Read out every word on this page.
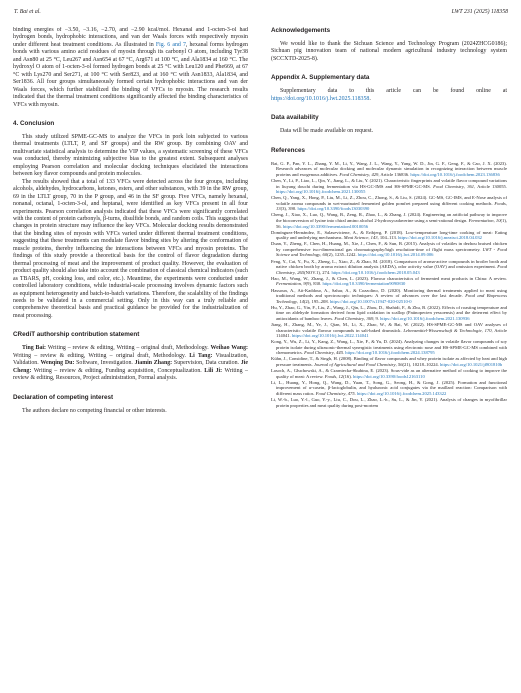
T. Bai et al.	LWT 231 (2025) 118358

binding energies of −3.50, −3.16, −2.70, and −2.90 kcal/mol. Hexanal and 1-octen-3-ol had hydrogen bonds, hydrophobic interactions, and van der Waals forces with respectively myosin under different heat treatment conditions. As illustrated in Fig. 6 and 7, hexanal forms hydrogen bonds with various amino acid residues of myosin through its carbonyl O atom, including Tyr38 and Asn80 at 25 °C, Leu267 and Asn654 at 67 °C, Arg671 at 100 °C, and Ala1834 at 160 °C. The hydroxyl O atom of 1-octen-3-ol formed hydrogen bonds at 25 °C with Leu120 and Phe669, at 67 °C with Lys270 and Ser271, at 100 °C with Ser823, and at 160 °C with Asn1833, Ala1834, and Ser1836. All four groups simultaneously formed certain hydrophobic interactions and van der Waals forces, which further stabilized the binding of VFCs to myosin. The research results indicated that the thermal treatment conditions significantly affected the binding characteristics of VFCs with myosin.

4. Conclusion

This study utilized SPME-GC-MS to analyze the VFCs in pork loin subjected to various thermal treatments (LTLT, P, and SF groups) and the RW group. By combining OAV and multivariate statistical analysis to determine the VIP values, a systematic screening of these VFCs was conducted, thereby minimizing subjective bias to the greatest extent. Subsequent analyses employing Pearson correlation and molecular docking techniques elucidated the interactions between key flavor compounds and protein molecules.

The results showed that a total of 133 VFCs were detected across the four groups, including alcohols, aldehydes, hydrocarbons, ketones, esters, and other substances, with 39 in the RW group, 69 in the LTLT group, 70 in the P group, and 46 in the SF group. Five VFCs, namely hexanal, nonanal, octanal, 1-octen-3-ol, and heptanal, were identified as key VFCs present in all four experiments. Pearson correlation analysis indicated that these VFCs were significantly correlated with the content of protein carbonyls, β-turns, disulfide bonds, and random coils. This suggests that changes in protein structure may influence the key VFCs. Molecular docking results demonstrated that the binding sites of myosin with VFCs varied under different thermal treatment conditions, suggesting that these treatments can modulate flavor binding sites by altering the conformation of muscle proteins, thereby influencing the interactions between VFCs and myosin proteins. The findings of this study provide a theoretical basis for the control of flavor degradation during thermal processing of meat and the improvement of product quality. However, the evaluation of product quality should also take into account the combination of classical chemical indicators (such as TBARS, pH, cooking loss, and color, etc.). Meantime, the experiments were conducted under controlled laboratory conditions, while industrial-scale processing involves dynamic factors such as equipment heterogeneity and batch-to-batch variations. Therefore, the scalability of the findings needs to be validated in a commercial setting. Only in this way can a truly reliable and comprehensive theoretical basis and practical guidance be provided for the industrialization of meat processing.

CRediT authorship contribution statement

Ting Bai: Writing – review & editing, Writing – original draft, Methodology. Weihao Wang: Writing – review & editing, Writing – original draft, Methodology. Li Tang: Visualization, Validation. Wenqing Du: Software, Investigation. Jiamin Zhang: Supervision, Data curation. Jie Cheng: Writing – review & editing, Funding acquisition, Conceptualization. Lili Ji: Writing – review & editing, Resources, Project administration, Formal analysis.

Declaration of competing interest

The authors declare no competing financial or other interests.

Acknowledgements

We would like to thank the Sichuan Science and Technology Program (2024ZHCG0186); Sichuan pig innovation team of national modern agricultural industry technology system (SCCXTD-2025-8).

Appendix A. Supplementary data

Supplementary data to this article can be found online at https://doi.org/10.1016/j.lwt.2025.118358.

Data availability

Data will be made available on request.

References
Bai, G. P., Pan, Y. L., Zhang, Y. M., Li, Y., Wang, J. L., Wang, Y., Yang, W. D., Jin, G. F., Geng, F., & Cao, J. X. (2023). Research advances of molecular docking and molecular dynamic simulation in recognizing interaction between muscle proteins and exogenous additives. Food Chemistry, 429, Article 136836. https://doi.org/10.1016/j.foodchem.2023.136836
Chen, Y., Li, P., Liao, L., Qin, Y., Jiang, L., & Liu, Y. (2021). Characteristic fingerprints and volatile flavor compound variations in liuyang douchi during fermentation via HS-GC-IMS and HS-SPME-GC-MS. Food Chemistry, 361, Article 130055. https://doi.org/10.1016/j.foodchem.2021.130055
Chen, Q., Yang, X., Hong, P., Liu, M., Li, Z., Zhou, C., Zhong, S., & Liu, S. (2024). GC-MS, GC-IMS, and E-Nose analysis of volatile aroma compounds in wet-marinated fermented golden pomfret prepared using different cooking methods. Foods, 13(3), 390. https://doi.org/10.3390/foods13030390
Cheng, J., Xiao, X., Luo, Q., Wang, B., Zeng, R., Zhao, L., & Zhang, J. (2024). Engineering an artificial pathway to improve the bioconversion of lysine into chiral amino alcohol 2-hydroxycadaverine using a semi-rational design. Fermentation, 10(1), 56. https://doi.org/10.3390/fermentation10010056
Domínguez-Hernández, E., Salaseviciene, A., & Ertbjerg, P. (2018). Low-temperature long-time cooking of meat: Eating quality and underlying mechanisms. Meat Science, 143, 104–113. https://doi.org/10.1016/j.meatsci.2018.04.032
Duan, Y., Zheng, F., Chen, H., Huang, M., Xie, J., Chen, F., & Sun, B. (2015). Analysis of volatiles in dezhou braised chicken by comprehensive two-dimensional gas chromatography/high resolution-time of flight mass spectrometry. LWT - Food Science and Technology, 60(2), 1235–1242. https://doi.org/10.1016/j.lwt.2014.09.006
Feng, Y., Cai, Y., Fu, X., Zheng, L., Xiao, Z., & Zhao, M. (2018). Comparison of aroma-active compounds in broiler broth and native chicken broth by aroma extract dilution analysis (AEDA), odor activity value (OAV) and omission experiment. Food Chemistry, 265(NOV.1), 274. https://doi.org/10.1016/j.foodchem.2018.05.043
Hao, M., Wang, W., Zhang, J., & Chen, L. (2023). Flavour characteristics of fermented meat products in China: A review. Fermentation, 9(9), 830. https://doi.org/10.3390/fermentation9090830
Hassoun, A., Ait-Kaddour, A., Sahar, A., & Cozzolino, D. (2020). Monitoring thermal treatments applied to meat using traditional methods and spectroscopic techniques: A review of advances over the last decade. Food and Bioprocess Technology, 14(2), 195–208. https://doi.org/10.1007/s11947-020-02510-0
Hu, Y., Zhao, G., Yin, F., Liu, Z., Wang, J., Qin, L., Zhou, D., Shahidi, F., & Zhu, B. (2022). Effects of roasting temperature and time on aldehyde formation derived from lipid oxidation in scallop (Patinopecten yessoensis) and the deterrent effect by antioxidants of bamboo leaves. Food Chemistry, 369, 9. https://doi.org/10.1016/j.foodchem.2021.130936
Jiang, H., Zhang, M., Ye, J., Qian, M., Li, X., Zhao, W., & Bai, W. (2022). HS-SPME-GC-MS and OAV analyses of characteristic volatile flavour compounds in salt-baked drumstick. Lebensmittel-Wissenschaft & Technologie, 170, Article 114041. https://doi.org/10.1016/j.lwt.2022.114041
Kong, Y., Wu, Z., Li, Y., Kang, Z., Wang, L., Xie, F., & Yu, D. (2024). Analyzing changes in volatile flavor compounds of soy protein isolate during ultrasonic-thermal synergistic treatments using electronic nose and HS-SPME-GC-MS combined with chemometrics. Food Chemistry, 445. https://doi.org/10.1016/j.foodchem.2024.138795
Kühn, J., Considine, T., & Singh, H. (2008). Binding of flavor compounds and whey protein isolate as affected by heat and high pressure treatments. Journal of Agricultural and Food Chemistry, 56(21), 10218–10224. https://doi.org/10.1021/jf801810b
Lasoch, A., Głuchowski, A., & Czarniecka-Skubina, E. (2023). Sous-vide as an alternative method of cooking to improve the quality of meat: A review. Foods, 12(16). https://doi.org/10.3390/foods12163110
Li, L., Huang, Y., Hong, Q., Wang, D., Yuan, T., Song, G., Seong, H., & Gong, J. (2025). Formation and functional improvement of α-casein, β-lactoglobulin, and hyaluronic acid conjugates via the maillard reaction: Comparison with different mass ratios. Food Chemistry, 475. https://doi.org/10.1016/j.foodchem.2025.143322
Li, W.-b., Luo, Y.-l., Guo, Y.-y., Liu, C., Dou, L., Zhao, L.-h., Su, L., & Jin, Y. (2021). Analysis of changes in myofibrillar protein properties and meat quality during post-mortem
